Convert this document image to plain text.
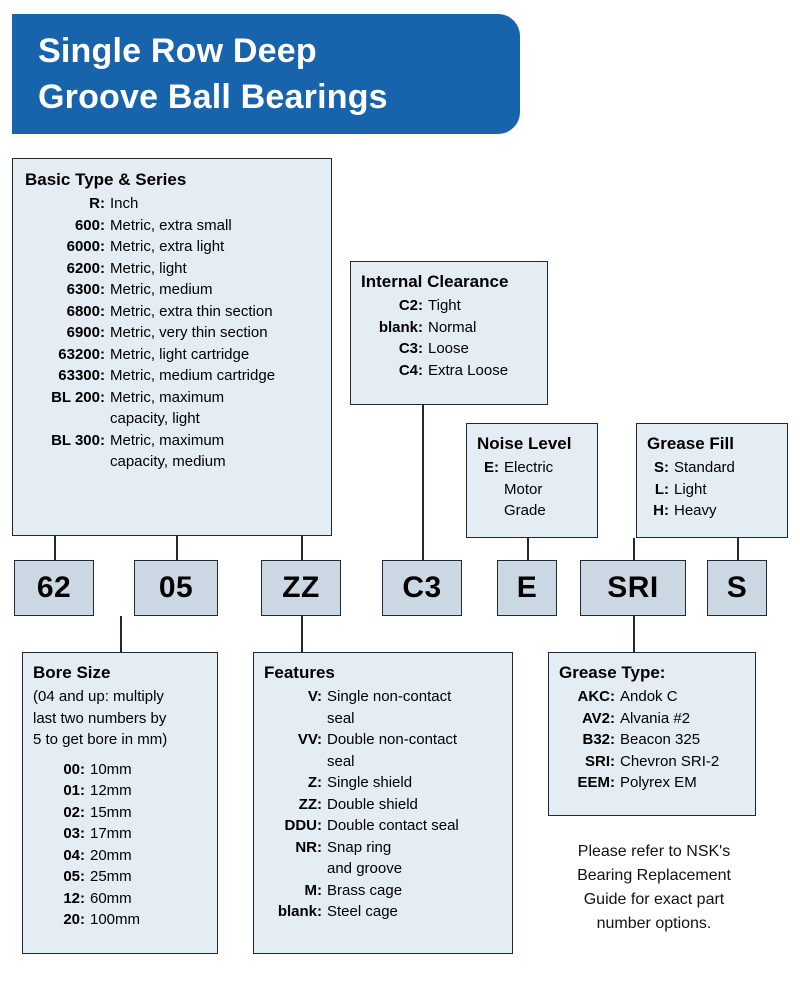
Single Row Deep
Groove Ball Bearings
Basic Type & Series
R: Inch
600: Metric, extra small
6000: Metric, extra light
6200: Metric, light
6300: Metric, medium
6800: Metric, extra thin section
6900: Metric, very thin section
63200: Metric, light cartridge
63300: Metric, medium cartridge
BL 200: Metric, maximum
capacity, light
BL 300: Metric, maximum
capacity, medium
Internal Clearance
C2: Tight
blank: Normal
C3: Loose
C4: Extra Loose
Noise Level
E: Electric
Motor
Grade
Grease Fill
S: Standard
L: Light
H: Heavy
62	05	ZZ	C3	E SRI S
Bore Size
(04 and up: multiply
last two numbers by
5 to get bore in mm)
00: 10mm
01: 12mm
02: 15mm
03: 17mm
04: 20mm
05: 25mm
12: 60mm
20: 100mm
Features
V: Single non-contact
seal
VV: Double non-contact
seal
Z: Single shield
ZZ: Double shield
DDU: Double contact seal
NR: Snap ring
and groove
M: Brass cage
blank: Steel cage
Grease Type:
AKC: Andok C
AV2: Alvania #2
B32: Beacon 325
SRI: Chevron SRI-2
EEM: Polyrex EM
Please refer to NSK's
Bearing Replacement
Guide for exact part
number options.
